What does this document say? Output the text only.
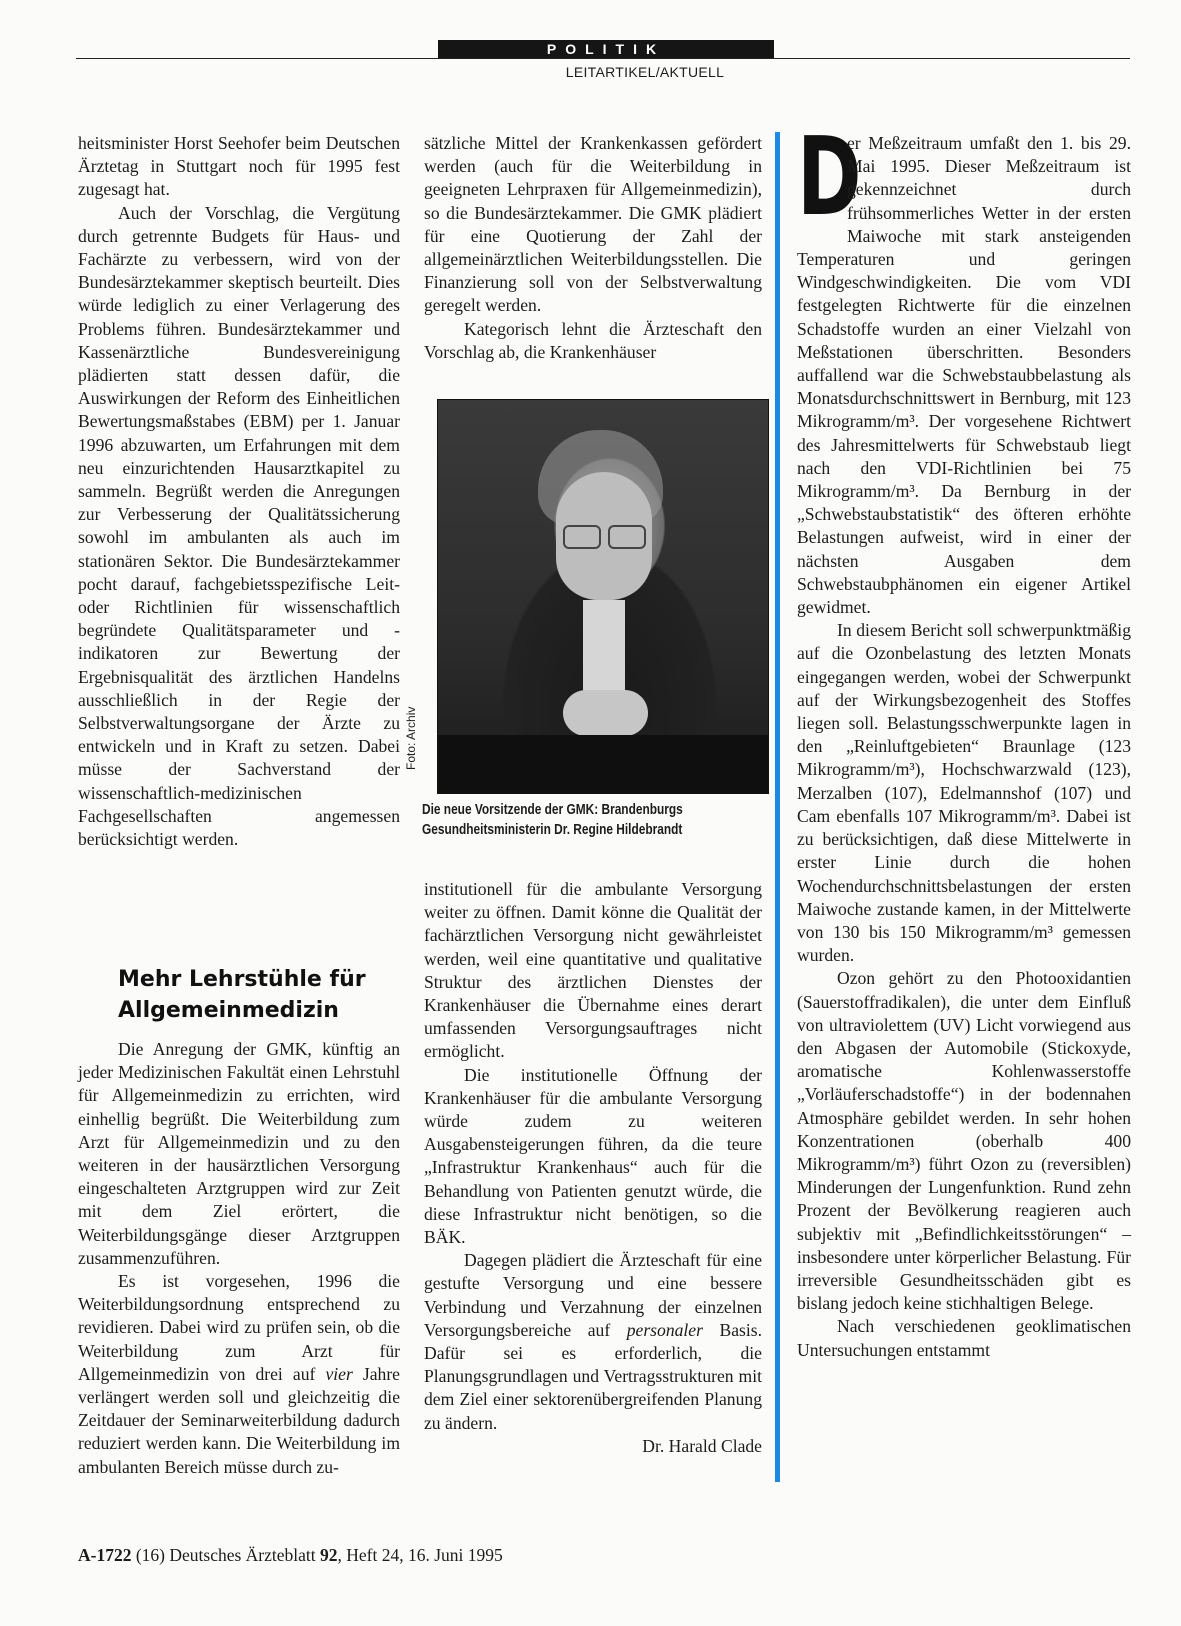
POLITIK
LEITARTIKEL/AKTUELL

heitsminister Horst Seehofer beim Deutschen Ärztetag in Stuttgart noch für 1995 fest zugesagt hat.

Auch der Vorschlag, die Vergütung durch getrennte Budgets für Haus- und Fachärzte zu verbessern, wird von der Bundesärztekammer skeptisch beurteilt. Dies würde lediglich zu einer Verlagerung des Problems führen. Bundesärztekammer und Kassenärztliche Bundesvereinigung plädierten statt dessen dafür, die Auswirkungen der Reform des Einheitlichen Bewertungsmaßstabes (EBM) per 1. Januar 1996 abzuwarten, um Erfahrungen mit dem neu einzurichtenden Hausarztkapitel zu sammeln. Begrüßt werden die Anregungen zur Verbesserung der Qualitätssicherung sowohl im ambulanten als auch im stationären Sektor. Die Bundesärztekammer pocht darauf, fachgebietsspezifische Leit- oder Richtlinien für wissenschaftlich begründete Qualitätsparameter und -indikatoren zur Bewertung der Ergebnisqualität des ärztlichen Handelns ausschließlich in der Regie der Selbstverwaltungsorgane der Ärzte zu entwickeln und in Kraft zu setzen. Dabei müsse der Sachverstand der wissenschaftlich-medizinischen Fachgesellschaften angemessen berücksichtigt werden.

Mehr Lehrstühle für Allgemeinmedizin

Die Anregung der GMK, künftig an jeder Medizinischen Fakultät einen Lehrstuhl für Allgemeinmedizin zu errichten, wird einhellig begrüßt. Die Weiterbildung zum Arzt für Allgemeinmedizin und zu den weiteren in der hausärztlichen Versorgung eingeschalteten Arztgruppen wird zur Zeit mit dem Ziel erörtert, die Weiterbildungsgänge dieser Arztgruppen zusammenzuführen.

Es ist vorgesehen, 1996 die Weiterbildungsordnung entsprechend zu revidieren. Dabei wird zu prüfen sein, ob die Weiterbildung zum Arzt für Allgemeinmedizin von drei auf vier Jahre verlängert werden soll und gleichzeitig die Zeitdauer der Seminarweiterbildung dadurch reduziert werden kann. Die Weiterbildung im ambulanten Bereich müsse durch zu-

sätzliche Mittel der Krankenkassen gefördert werden (auch für die Weiterbildung in geeigneten Lehrpraxen für Allgemeinmedizin), so die Bundesärztekammer. Die GMK plädiert für eine Quotierung der Zahl der allgemeinärztlichen Weiterbildungsstellen. Die Finanzierung soll von der Selbstverwaltung geregelt werden.

Kategorisch lehnt die Ärzteschaft den Vorschlag ab, die Krankenhäuser

Foto: Archiv
Die neue Vorsitzende der GMK: Brandenburgs Gesundheitsministerin Dr. Regine Hildebrandt

institutionell für die ambulante Versorgung weiter zu öffnen. Damit könne die Qualität der fachärztlichen Versorgung nicht gewährleistet werden, weil eine quantitative und qualitative Struktur des ärztlichen Dienstes der Krankenhäuser die Übernahme eines derart umfassenden Versorgungsauftrages nicht ermöglicht.

Die institutionelle Öffnung der Krankenhäuser für die ambulante Versorgung würde zudem zu weiteren Ausgabensteigerungen führen, da die teure „Infrastruktur Krankenhaus“ auch für die Behandlung von Patienten genutzt würde, die diese Infrastruktur nicht benötigen, so die BÄK.

Dagegen plädiert die Ärzteschaft für eine gestufte Versorgung und eine bessere Verbindung und Verzahnung der einzelnen Versorgungsbereiche auf personaler Basis. Dafür sei es erforderlich, die Planungsgrundlagen und Vertragsstrukturen mit dem Ziel einer sektorenübergreifenden Planung zu ändern.

Dr. Harald Clade

D

er Meßzeitraum umfaßt den 1. bis 29. Mai 1995. Dieser Meßzeitraum ist gekennzeichnet durch frühsommerliches Wetter in der ersten Maiwoche mit stark ansteigenden Temperaturen und geringen Windgeschwindigkeiten. Die vom VDI festgelegten Richtwerte für die einzelnen Schadstoffe wurden an einer Vielzahl von Meßstationen überschritten. Besonders auffallend war die Schwebstaubbelastung als Monatsdurchschnittswert in Bernburg, mit 123 Mikrogramm/m³. Der vorgesehene Richtwert des Jahresmittelwerts für Schwebstaub liegt nach den VDI-Richtlinien bei 75 Mikrogramm/m³. Da Bernburg in der „Schwebstaubstatistik“ des öfteren erhöhte Belastungen aufweist, wird in einer der nächsten Ausgaben dem Schwebstaubphänomen ein eigener Artikel gewidmet.

In diesem Bericht soll schwerpunktmäßig auf die Ozonbelastung des letzten Monats eingegangen werden, wobei der Schwerpunkt auf der Wirkungsbezogenheit des Stoffes liegen soll. Belastungsschwerpunkte lagen in den „Reinluftgebieten“ Braunlage (123 Mikrogramm/m³), Hochschwarzwald (123), Merzalben (107), Edelmannshof (107) und Cam ebenfalls 107 Mikrogramm/m³. Dabei ist zu berücksichtigen, daß diese Mittelwerte in erster Linie durch die hohen Wochendurchschnittsbelastungen der ersten Maiwoche zustande kamen, in der Mittelwerte von 130 bis 150 Mikrogramm/m³ gemessen wurden.

Ozon gehört zu den Photooxidantien (Sauerstoffradikalen), die unter dem Einfluß von ultraviolettem (UV) Licht vorwiegend aus den Abgasen der Automobile (Stickoxyde, aromatische Kohlenwasserstoffe „Vorläuferschadstoffe“) in der bodennahen Atmosphäre gebildet werden. In sehr hohen Konzentrationen (oberhalb 400 Mikrogramm/m³) führt Ozon zu (reversiblen) Minderungen der Lungenfunktion. Rund zehn Prozent der Bevölkerung reagieren auch subjektiv mit „Befindlichkeitsstörungen“ – insbesondere unter körperlicher Belastung. Für irreversible Gesundheitsschäden gibt es bislang jedoch keine stichhaltigen Belege.

Nach verschiedenen geoklimatischen Untersuchungen entstammt

A-1722 (16) Deutsches Ärzteblatt 92, Heft 24, 16. Juni 1995
